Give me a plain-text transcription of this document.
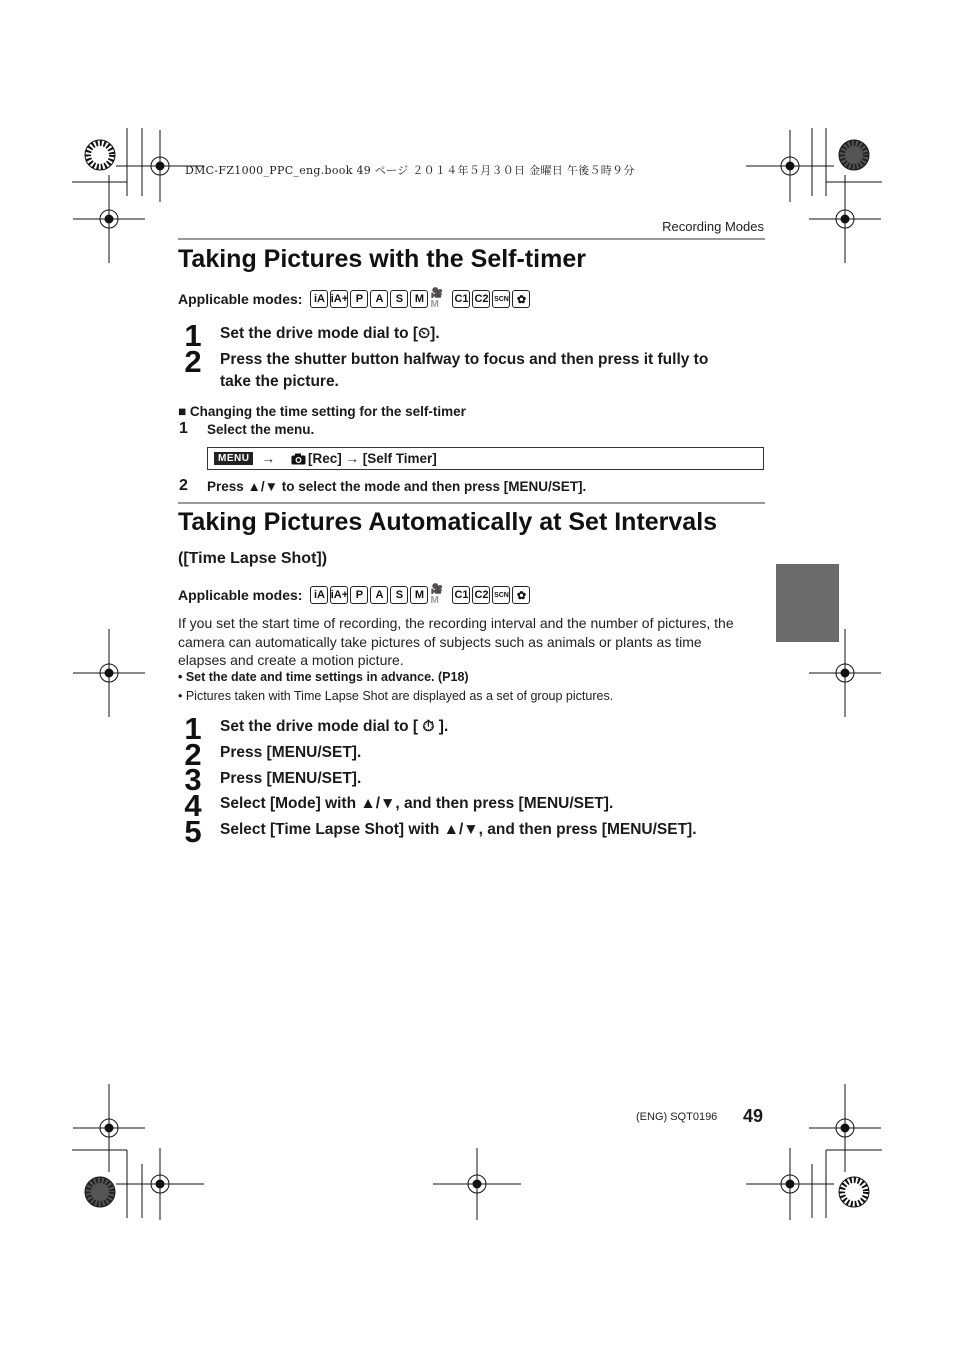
DMC-FZ1000_PPC_eng.book 49 ページ ２０１４年５月３０日 金曜日 午後５時９分
Recording Modes
Taking Pictures with the Self-timer
Applicable modes:	iA iA+ P	A	S	M 🎥M	C1 C2 SCN ✿
1 Set the drive mode dial to [⏲].
2 Press the shutter button halfway to focus and then press it fully to
take the picture.
■ Changing the time setting for the self-timer
1 Select the menu.
MENU → [Rec] → [Self Timer]
2 Press ▲/▼ to select the mode and then press [MENU/SET].
Taking Pictures Automatically at Set Intervals
([Time Lapse Shot])
Applicable modes:	iA iA+ P	A	S	M 🎥M	C1 C2 SCN ✿
If you set the start time of recording, the recording interval and the number of pictures, the
camera can automatically take pictures of subjects such as animals or plants as time
elapses and create a motion picture.
• Set the date and time settings in advance. (P18)
• Pictures taken with Time Lapse Shot are displayed as a set of group pictures.
1 Set the drive mode dial to [ ⏱ ].
2 Press [MENU/SET].
3 Press [MENU/SET].
4 Select [Mode] with ▲/▼, and then press [MENU/SET].
5 Select [Time Lapse Shot] with ▲/▼, and then press [MENU/SET].
(ENG) SQT0196 49
